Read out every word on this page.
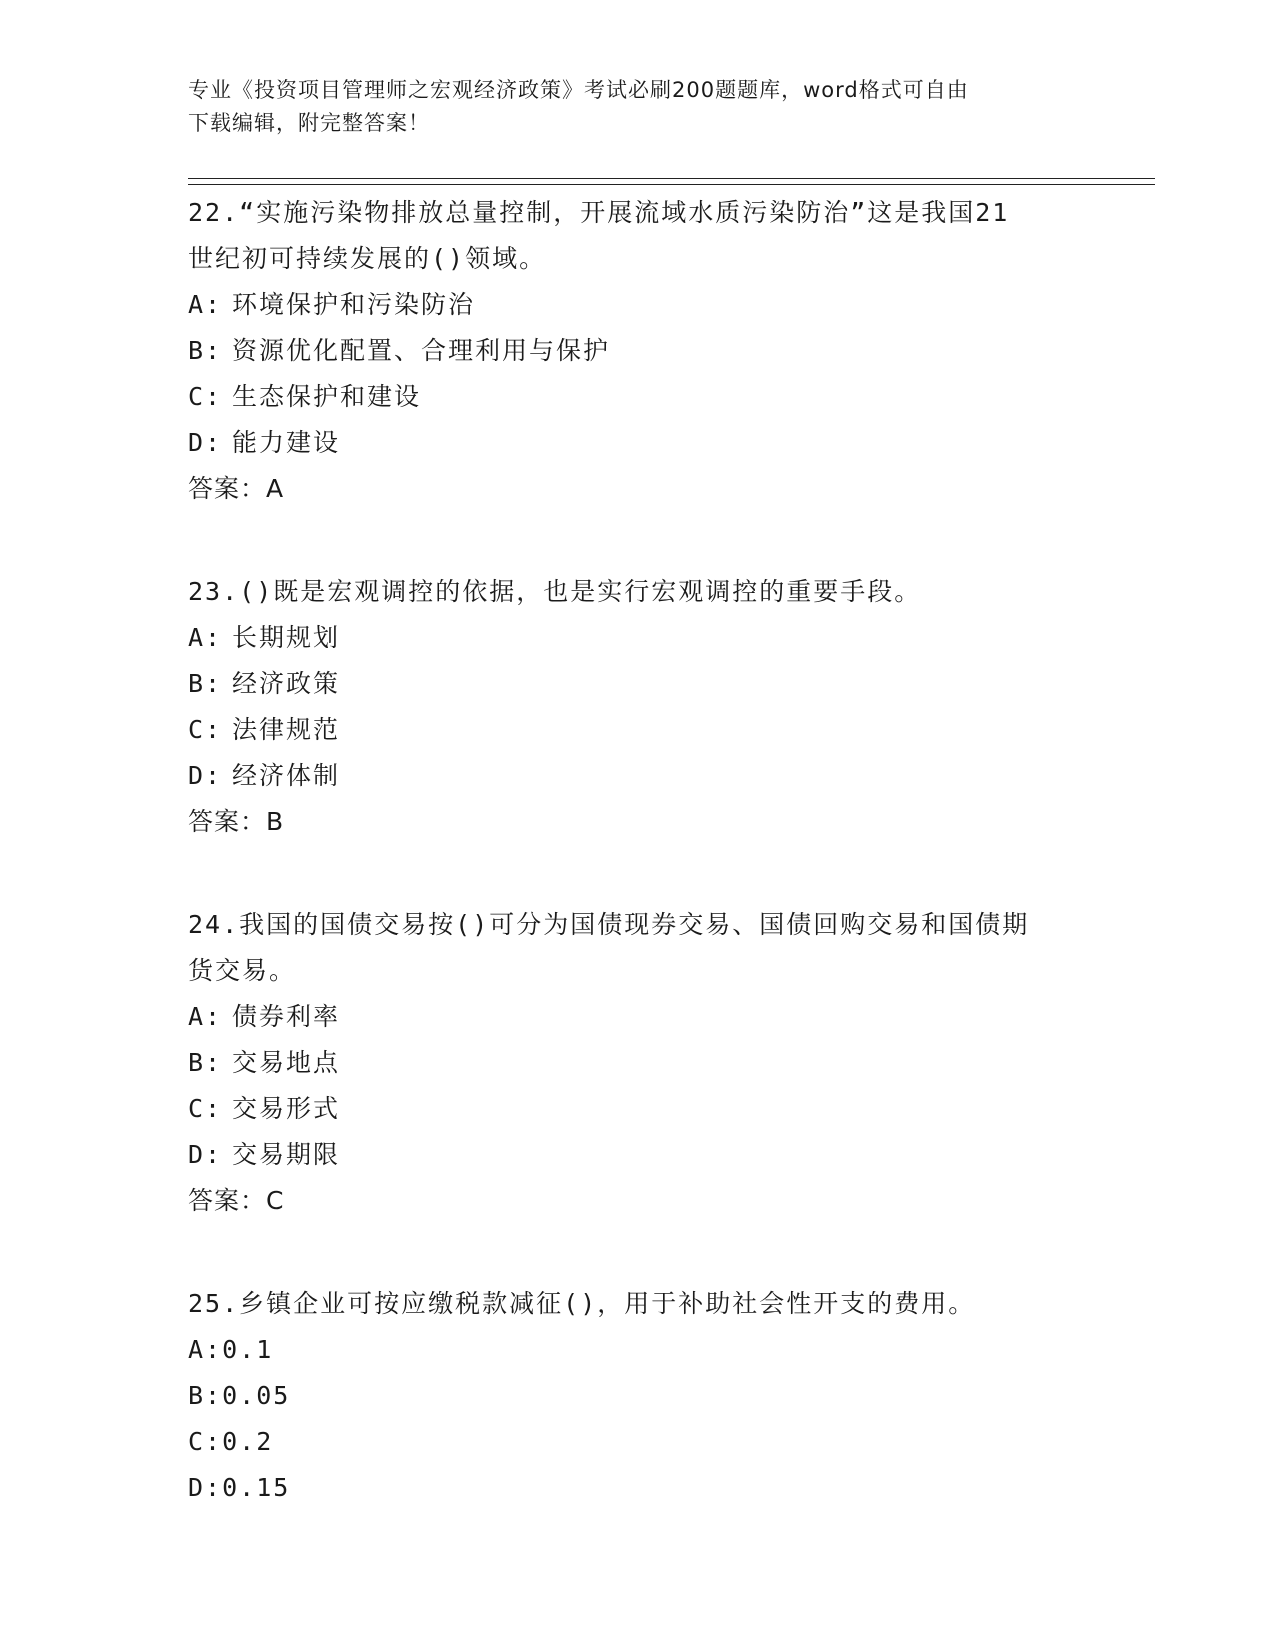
专业《投资项目管理师之宏观经济政策》考试必刷200题题库，word格式可自由
下载编辑，附完整答案！

22.“实施污染物排放总量控制，开展流域水质污染防治”这是我国21
世纪初可持续发展的()领域。

A: 环境保护和污染防治

B: 资源优化配置、合理利用与保护

C: 生态保护和建设

D: 能力建设

答案：A

23.()既是宏观调控的依据，也是实行宏观调控的重要手段。

A: 长期规划

B: 经济政策

C: 法律规范

D: 经济体制

答案：B

24.我国的国债交易按()可分为国债现券交易、国债回购交易和国债期
货交易。

A: 债券利率

B: 交易地点

C: 交易形式

D: 交易期限

答案：C

25.乡镇企业可按应缴税款减征()，用于补助社会性开支的费用。

A:0.1

B:0.05

C:0.2

D:0.15
